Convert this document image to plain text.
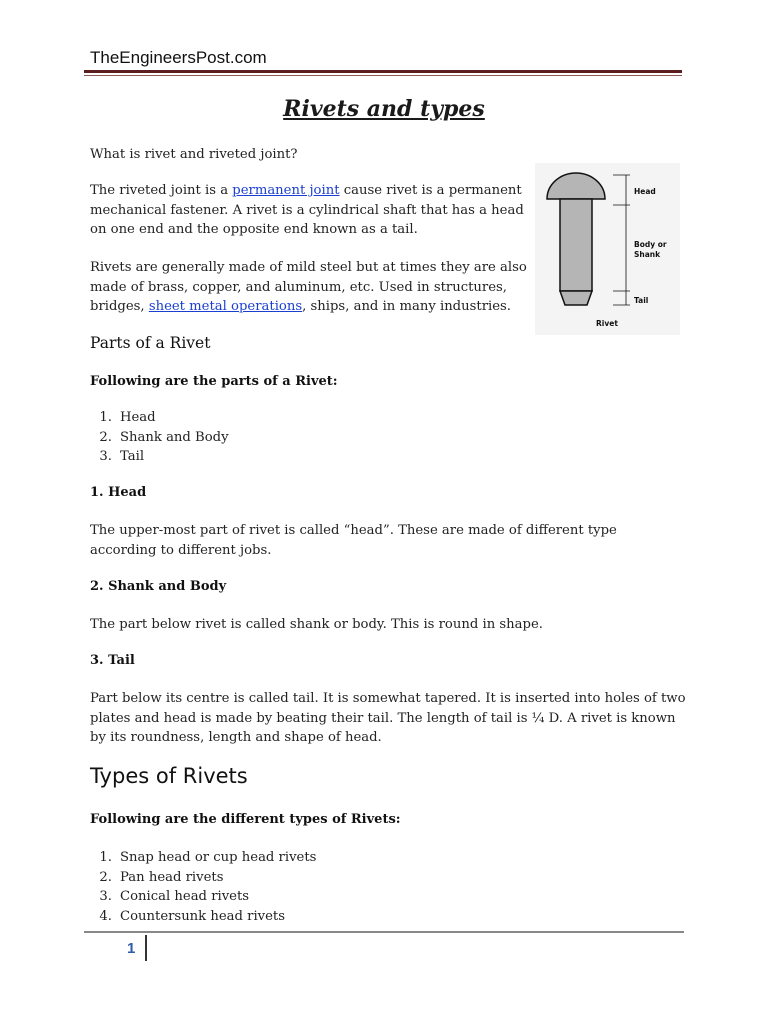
TheEngineersPost.com
Rivets and types
What is rivet and riveted joint?
The riveted joint is a permanent joint cause rivet is a permanent
mechanical fastener. A rivet is a cylindrical shaft that has a head
on one end and the opposite end known as a tail.
Rivets are generally made of mild steel but at times they are also
made of brass, copper, and aluminum, etc. Used in structures,
bridges, sheet metal operations, ships, and in many industries.
Head
Body or
Shank
Tail
Rivet
Parts of a Rivet
Following are the parts of a Rivet:
1. Head
2. Shank and Body
3. Tail
1. Head
The upper-most part of rivet is called “head”. These are made of different type
according to different jobs.
2. Shank and Body
The part below rivet is called shank or body. This is round in shape.
3. Tail
Part below its centre is called tail. It is somewhat tapered. It is inserted into holes of two
plates and head is made by beating their tail. The length of tail is ¼ D. A rivet is known
by its roundness, length and shape of head.
Types of Rivets
Following are the different types of Rivets:
1. Snap head or cup head rivets
2. Pan head rivets
3. Conical head rivets
4. Countersunk head rivets
1
